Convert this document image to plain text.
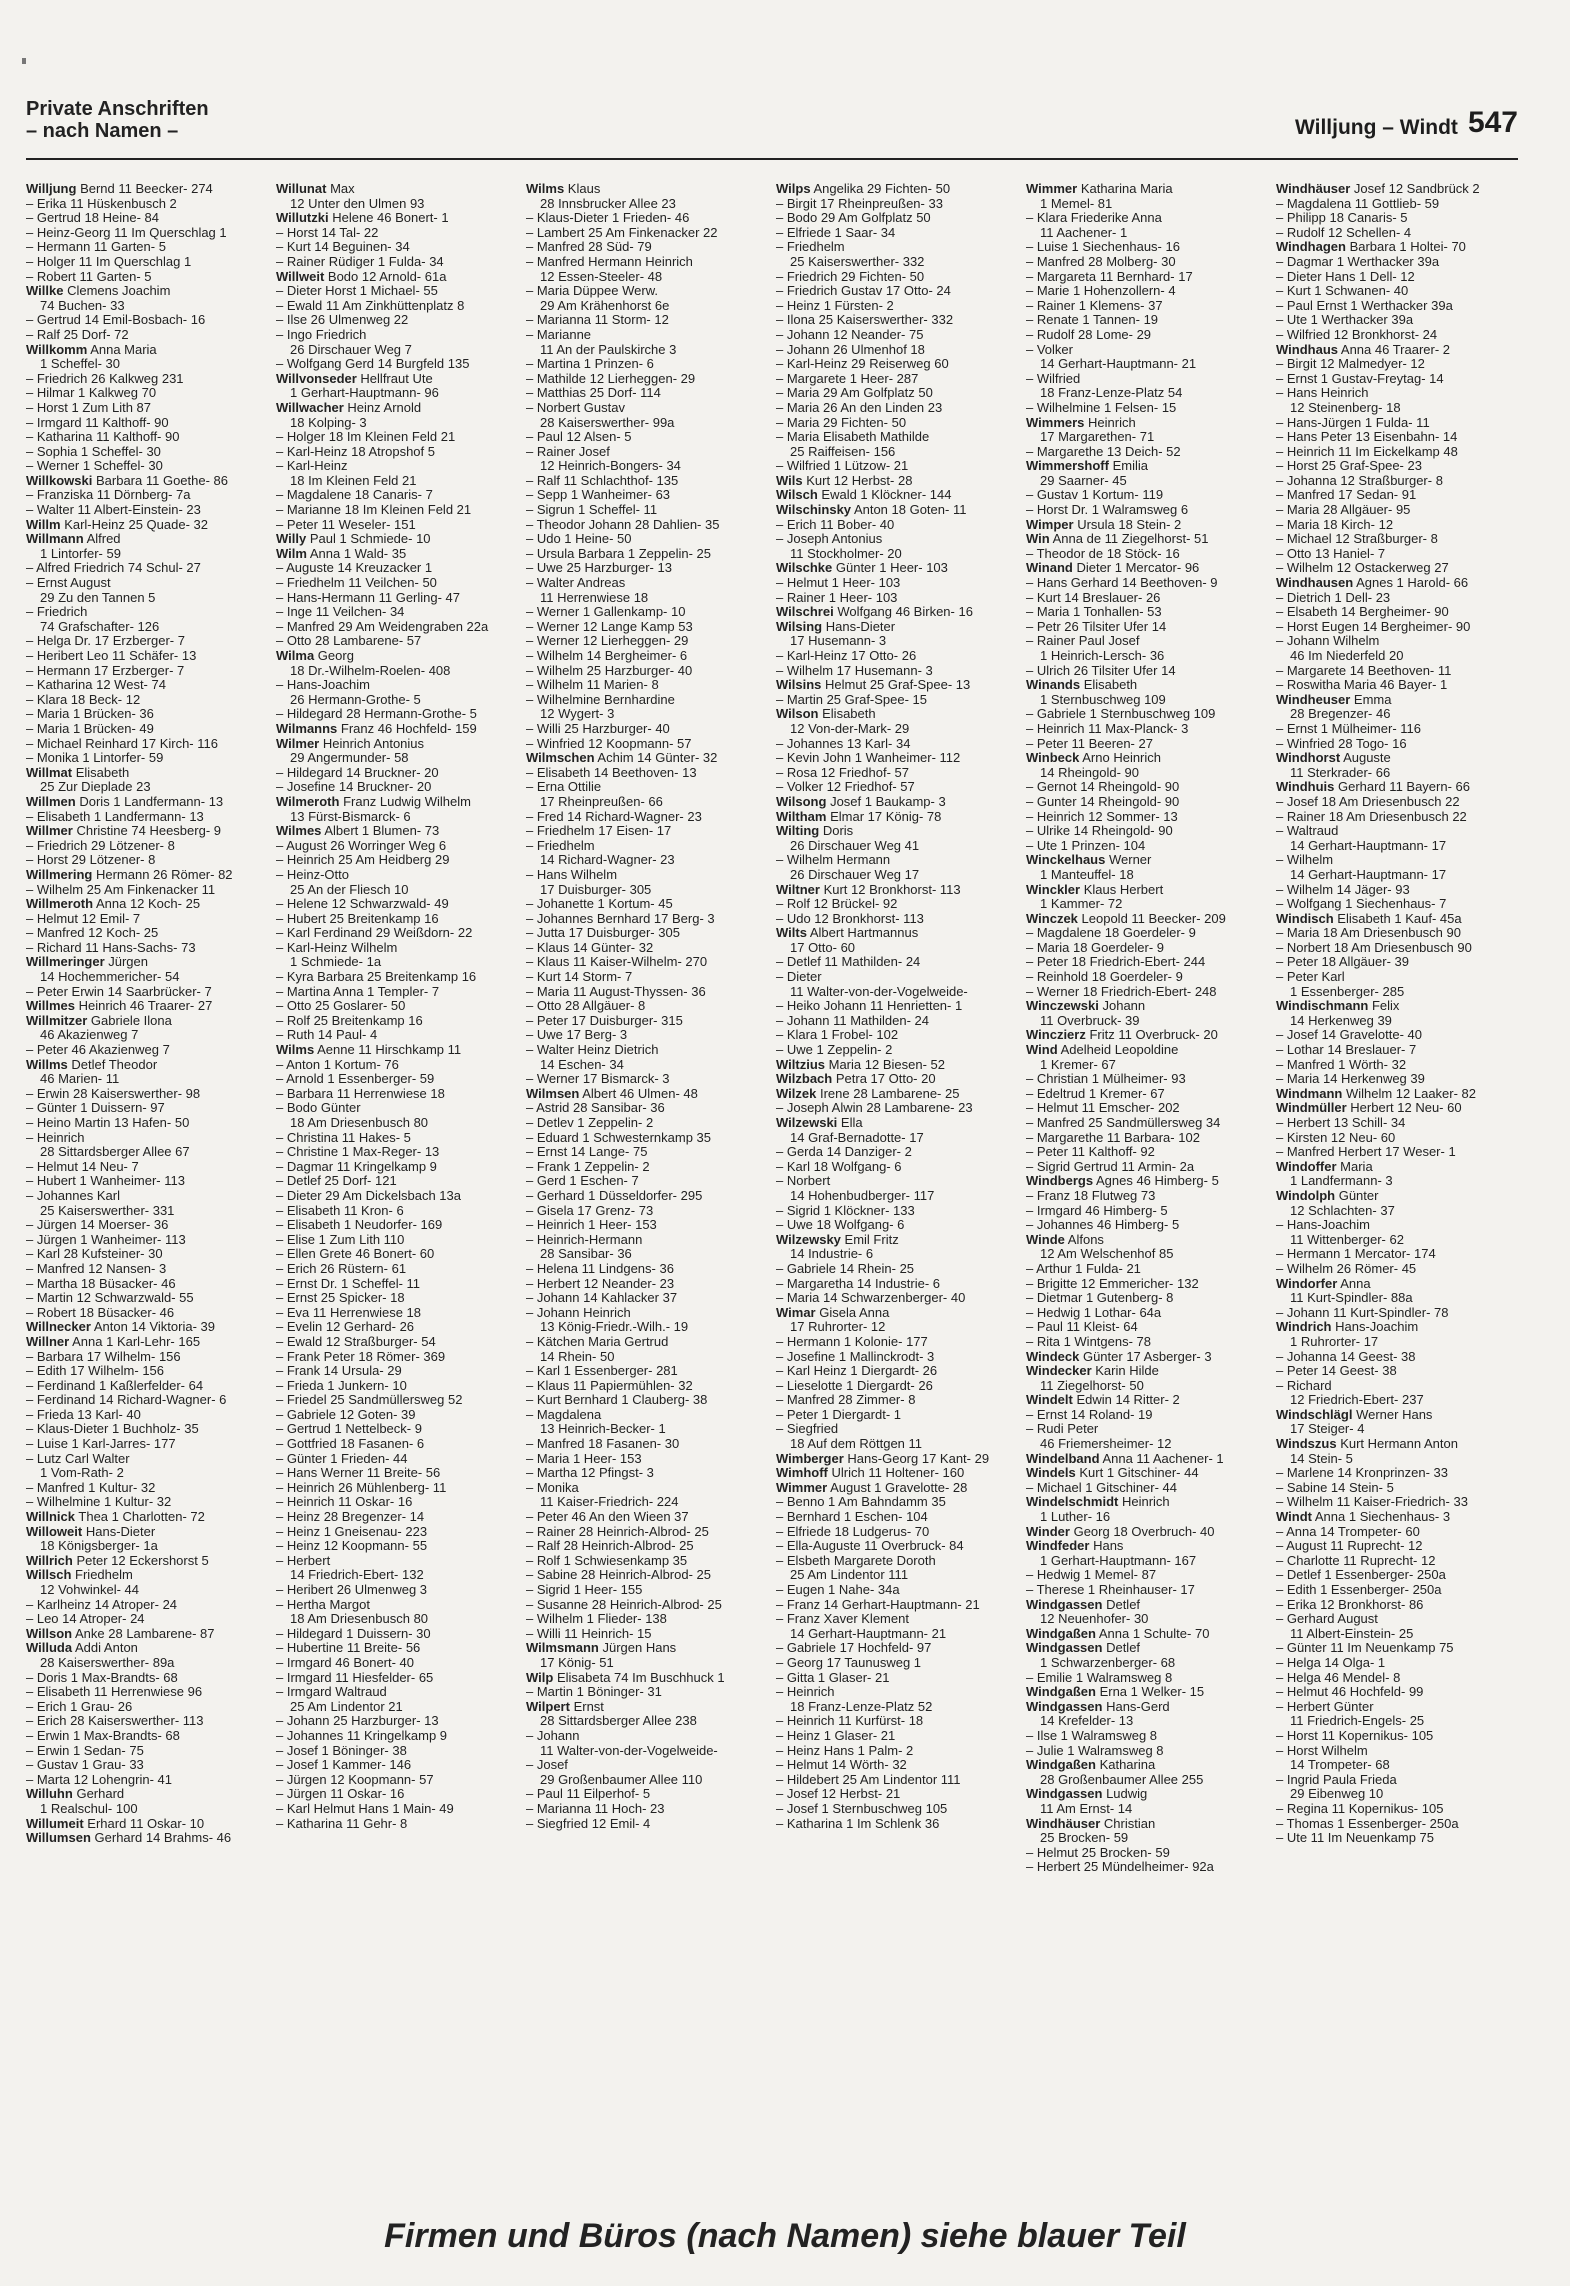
Private Anschriften
– nach Namen –	Willjung – Windt 547
Willjung Bernd 11 Beecker- 274
– Erika 11 Hüskenbusch 2
– Gertrud 18 Heine- 84
– Heinz-Georg 11 Im Querschlag 1
– Hermann 11 Garten- 5
– Holger 11 Im Querschlag 1
– Robert 11 Garten- 5
Willke Clemens Joachim
74 Buchen- 33
– Gertrud 14 Emil-Bosbach- 16
– Ralf 25 Dorf- 72
Willkomm Anna Maria
1 Scheffel- 30
– Friedrich 26 Kalkweg 231
– Hilmar 1 Kalkweg 70
– Horst 1 Zum Lith 87
– Irmgard 11 Kalthoff- 90
– Katharina 11 Kalthoff- 90
– Sophia 1 Scheffel- 30
– Werner 1 Scheffel- 30
Willkowski Barbara 11 Goethe- 86
– Franziska 11 Dörnberg- 7a
– Walter 11 Albert-Einstein- 23
Willm Karl-Heinz 25 Quade- 32
Willmann Alfred
1 Lintorfer- 59
– Alfred Friedrich 74 Schul- 27
– Ernst August
29 Zu den Tannen 5
– Friedrich
74 Grafschafter- 126
– Helga Dr. 17 Erzberger- 7
– Heribert Leo 11 Schäfer- 13
– Hermann 17 Erzberger- 7
– Katharina 12 West- 74
– Klara 18 Beck- 12
– Maria 1 Brücken- 36
– Maria 1 Brücken- 49
– Michael Reinhard 17 Kirch- 116
– Monika 1 Lintorfer- 59
Willmat Elisabeth
25 Zur Dieplade 23
Willmen Doris 1 Landfermann- 13
– Elisabeth 1 Landfermann- 13
Willmer Christine 74 Heesberg- 9
– Friedrich 29 Lötzener- 8
– Horst 29 Lötzener- 8
Willmering Hermann 26 Römer- 82
– Wilhelm 25 Am Finkenacker 11
Willmeroth Anna 12 Koch- 25
– Helmut 12 Emil- 7
– Manfred 12 Koch- 25
– Richard 11 Hans-Sachs- 73
Willmeringer Jürgen
14 Hochemmericher- 54
– Peter Erwin 14 Saarbrücker- 7
Willmes Heinrich 46 Traarer- 27
Willmitzer Gabriele Ilona
46 Akazienweg 7
– Peter 46 Akazienweg 7
Willms Detlef Theodor
46 Marien- 11
– Erwin 28 Kaiserswerther- 98
– Günter 1 Duissern- 97
– Heino Martin 13 Hafen- 50
– Heinrich
28 Sittardsberger Allee 67
– Helmut 14 Neu- 7
– Hubert 1 Wanheimer- 113
– Johannes Karl
25 Kaiserswerther- 331
– Jürgen 14 Moerser- 36
– Jürgen 1 Wanheimer- 113
– Karl 28 Kufsteiner- 30
– Manfred 12 Nansen- 3
– Martha 18 Büsacker- 46
– Martin 12 Schwarzwald- 55
– Robert 18 Büsacker- 46
Willnecker Anton 14 Viktoria- 39
Willner Anna 1 Karl-Lehr- 165
– Barbara 17 Wilhelm- 156
– Edith 17 Wilhelm- 156
– Ferdinand 1 Kaßlerfelder- 64
– Ferdinand 14 Richard-Wagner- 6
– Frieda 13 Karl- 40
– Klaus-Dieter 1 Buchholz- 35
– Luise 1 Karl-Jarres- 177
– Lutz Carl Walter
1 Vom-Rath- 2
– Manfred 1 Kultur- 32
– Wilhelmine 1 Kultur- 32
Willnick Thea 1 Charlotten- 72
Willoweit Hans-Dieter
18 Königsberger- 1a
Willrich Peter 12 Eckershorst 5
Willsch Friedhelm
12 Vohwinkel- 44
– Karlheinz 14 Atroper- 24
– Leo 14 Atroper- 24
Willson Anke 28 Lambarene- 87
Willuda Addi Anton
28 Kaiserswerther- 89a
– Doris 1 Max-Brandts- 68
– Elisabeth 11 Herrenwiese 96
– Erich 1 Grau- 26
– Erich 28 Kaiserswerther- 113
– Erwin 1 Max-Brandts- 68
– Erwin 1 Sedan- 75
– Gustav 1 Grau- 33
– Marta 12 Lohengrin- 41
Willuhn Gerhard
1 Realschul- 100
Willumeit Erhard 11 Oskar- 10
Willumsen Gerhard 14 Brahms- 46
Willunat Max
12 Unter den Ulmen 93
Willutzki Helene 46 Bonert- 1
– Horst 14 Tal- 22
– Kurt 14 Beguinen- 34
– Rainer Rüdiger 1 Fulda- 34
Willweit Bodo 12 Arnold- 61a
– Dieter Horst 1 Michael- 55
– Ewald 11 Am Zinkhüttenplatz 8
– Ilse 26 Ulmenweg 22
– Ingo Friedrich
26 Dirschauer Weg 7
– Wolfgang Gerd 14 Burgfeld 135
Willvonseder Hellfraut Ute
1 Gerhart-Hauptmann- 96
Willwacher Heinz Arnold
18 Kolping- 3
– Holger 18 Im Kleinen Feld 21
– Karl-Heinz 18 Atropshof 5
– Karl-Heinz
18 Im Kleinen Feld 21
– Magdalene 18 Canaris- 7
– Marianne 18 Im Kleinen Feld 21
– Peter 11 Weseler- 151
Willy Paul 1 Schmiede- 10
Wilm Anna 1 Wald- 35
– Auguste 14 Kreuzacker 1
– Friedhelm 11 Veilchen- 50
– Hans-Hermann 11 Gerling- 47
– Inge 11 Veilchen- 34
– Manfred 29 Am Weidengraben 22a
– Otto 28 Lambarene- 57
Wilma Georg
18 Dr.-Wilhelm-Roelen- 408
– Hans-Joachim
26 Hermann-Grothe- 5
– Hildegard 28 Hermann-Grothe- 5
Wilmanns Franz 46 Hochfeld- 159
Wilmer Heinrich Antonius
29 Angermunder- 58
– Hildegard 14 Bruckner- 20
– Josefine 14 Bruckner- 20
Wilmeroth Franz Ludwig Wilhelm
13 Fürst-Bismarck- 6
Wilmes Albert 1 Blumen- 73
– August 26 Worringer Weg 6
– Heinrich 25 Am Heidberg 29
– Heinz-Otto
25 An der Fliesch 10
– Helene 12 Schwarzwald- 49
– Hubert 25 Breitenkamp 16
– Karl Ferdinand 29 Weißdorn- 22
– Karl-Heinz Wilhelm
1 Schmiede- 1a
– Kyra Barbara 25 Breitenkamp 16
– Martina Anna 1 Templer- 7
– Otto 25 Goslarer- 50
– Rolf 25 Breitenkamp 16
– Ruth 14 Paul- 4
Wilms Aenne 11 Hirschkamp 11
– Anton 1 Kortum- 76
– Arnold 1 Essenberger- 59
– Barbara 11 Herrenwiese 18
– Bodo Günter
18 Am Driesenbusch 80
– Christina 11 Hakes- 5
– Christine 1 Max-Reger- 13
– Dagmar 11 Kringelkamp 9
– Detlef 25 Dorf- 121
– Dieter 29 Am Dickelsbach 13a
– Elisabeth 11 Kron- 6
– Elisabeth 1 Neudorfer- 169
– Elise 1 Zum Lith 110
– Ellen Grete 46 Bonert- 60
– Erich 26 Rüstern- 61
– Ernst Dr. 1 Scheffel- 11
– Ernst 25 Spicker- 18
– Eva 11 Herrenwiese 18
– Evelin 12 Gerhard- 26
– Ewald 12 Straßburger- 54
– Frank Peter 18 Römer- 369
– Frank 14 Ursula- 29
– Frieda 1 Junkern- 10
– Friedel 25 Sandmüllersweg 52
– Gabriele 12 Goten- 39
– Gertrud 1 Nettelbeck- 9
– Gottfried 18 Fasanen- 6
– Günter 1 Frieden- 44
– Hans Werner 11 Breite- 56
– Heinrich 26 Mühlenberg- 11
– Heinrich 11 Oskar- 16
– Heinz 28 Bregenzer- 14
– Heinz 1 Gneisenau- 223
– Heinz 12 Koopmann- 55
– Herbert
14 Friedrich-Ebert- 132
– Heribert 26 Ulmenweg 3
– Hertha Margot
18 Am Driesenbusch 80
– Hildegard 1 Duissern- 30
– Hubertine 11 Breite- 56
– Irmgard 46 Bonert- 40
– Irmgard 11 Hiesfelder- 65
– Irmgard Waltraud
25 Am Lindentor 21
– Johann 25 Harzburger- 13
– Johannes 11 Kringelkamp 9
– Josef 1 Böninger- 38
– Josef 1 Kammer- 146
– Jürgen 12 Koopmann- 57
– Jürgen 11 Oskar- 16
– Karl Helmut Hans 1 Main- 49
– Katharina 11 Gehr- 8
Wilms Klaus
28 Innsbrucker Allee 23
– Klaus-Dieter 1 Frieden- 46
– Lambert 25 Am Finkenacker 22
– Manfred 28 Süd- 79
– Manfred Hermann Heinrich
12 Essen-Steeler- 48
– Maria Düppee Werw.
29 Am Krähenhorst 6e
– Marianna 11 Storm- 12
– Marianne
11 An der Paulskirche 3
– Martina 1 Prinzen- 6
– Mathilde 12 Lierheggen- 29
– Matthias 25 Dorf- 114
– Norbert Gustav
28 Kaiserswerther- 99a
– Paul 12 Alsen- 5
– Rainer Josef
12 Heinrich-Bongers- 34
– Ralf 11 Schlachthof- 135
– Sepp 1 Wanheimer- 63
– Sigrun 1 Scheffel- 11
– Theodor Johann 28 Dahlien- 35
– Udo 1 Heine- 50
– Ursula Barbara 1 Zeppelin- 25
– Uwe 25 Harzburger- 13
– Walter Andreas
11 Herrenwiese 18
– Werner 1 Gallenkamp- 10
– Werner 12 Lange Kamp 53
– Werner 12 Lierheggen- 29
– Wilhelm 14 Bergheimer- 6
– Wilhelm 25 Harzburger- 40
– Wilhelm 11 Marien- 8
– Wilhelmine Bernhardine
12 Wygert- 3
– Willi 25 Harzburger- 40
– Winfried 12 Koopmann- 57
Wilmschen Achim 14 Günter- 32
– Elisabeth 14 Beethoven- 13
– Erna Ottilie
17 Rheinpreußen- 66
– Fred 14 Richard-Wagner- 23
– Friedhelm 17 Eisen- 17
– Friedhelm
14 Richard-Wagner- 23
– Hans Wilhelm
17 Duisburger- 305
– Johanette 1 Kortum- 45
– Johannes Bernhard 17 Berg- 3
– Jutta 17 Duisburger- 305
– Klaus 14 Günter- 32
– Klaus 11 Kaiser-Wilhelm- 270
– Kurt 14 Storm- 7
– Maria 11 August-Thyssen- 36
– Otto 28 Allgäuer- 8
– Peter 17 Duisburger- 315
– Uwe 17 Berg- 3
– Walter Heinz Dietrich
14 Eschen- 34
– Werner 17 Bismarck- 3
Wilmsen Albert 46 Ulmen- 48
– Astrid 28 Sansibar- 36
– Detlev 1 Zeppelin- 2
– Eduard 1 Schwesternkamp 35
– Ernst 14 Lange- 75
– Frank 1 Zeppelin- 2
– Gerd 1 Eschen- 7
– Gerhard 1 Düsseldorfer- 295
– Gisela 17 Grenz- 73
– Heinrich 1 Heer- 153
– Heinrich-Hermann
28 Sansibar- 36
– Helena 11 Lindgens- 36
– Herbert 12 Neander- 23
– Johann 14 Kahlacker 37
– Johann Heinrich
13 König-Friedr.-Wilh.- 19
– Kätchen Maria Gertrud
14 Rhein- 50
– Karl 1 Essenberger- 281
– Klaus 11 Papiermühlen- 32
– Kurt Bernhard 1 Clauberg- 38
– Magdalena
13 Heinrich-Becker- 1
– Manfred 18 Fasanen- 30
– Maria 1 Heer- 153
– Martha 12 Pfingst- 3
– Monika
11 Kaiser-Friedrich- 224
– Peter 46 An den Wieen 37
– Rainer 28 Heinrich-Albrod- 25
– Ralf 28 Heinrich-Albrod- 25
– Rolf 1 Schwiesenkamp 35
– Sabine 28 Heinrich-Albrod- 25
– Sigrid 1 Heer- 155
– Susanne 28 Heinrich-Albrod- 25
– Wilhelm 1 Flieder- 138
– Willi 11 Heinrich- 15
Wilmsmann Jürgen Hans
17 König- 51
Wilp Elisabeta 74 Im Buschhuck 1
– Martin 1 Böninger- 31
Wilpert Ernst
28 Sittardsberger Allee 238
– Johann
11 Walter-von-der-Vogelweide-
– Josef
29 Großenbaumer Allee 110
– Paul 11 Eilperhof- 5
– Marianna 11 Hoch- 23
– Siegfried 12 Emil- 4
Wilps Angelika 29 Fichten- 50
– Birgit 17 Rheinpreußen- 33
– Bodo 29 Am Golfplatz 50
– Elfriede 1 Saar- 34
– Friedhelm
25 Kaiserswerther- 332
– Friedrich 29 Fichten- 50
– Friedrich Gustav 17 Otto- 24
– Heinz 1 Fürsten- 2
– Ilona 25 Kaiserswerther- 332
– Johann 12 Neander- 75
– Johann 26 Ulmenhof 18
– Karl-Heinz 29 Reiserweg 60
– Margarete 1 Heer- 287
– Maria 29 Am Golfplatz 50
– Maria 26 An den Linden 23
– Maria 29 Fichten- 50
– Maria Elisabeth Mathilde
25 Raiffeisen- 156
– Wilfried 1 Lützow- 21
Wils Kurt 12 Herbst- 28
Wilsch Ewald 1 Klöckner- 144
Wilschinsky Anton 18 Goten- 11
– Erich 11 Bober- 40
– Joseph Antonius
11 Stockholmer- 20
Wilschke Günter 1 Heer- 103
– Helmut 1 Heer- 103
– Rainer 1 Heer- 103
Wilschrei Wolfgang 46 Birken- 16
Wilsing Hans-Dieter
17 Husemann- 3
– Karl-Heinz 17 Otto- 26
– Wilhelm 17 Husemann- 3
Wilsins Helmut 25 Graf-Spee- 13
– Martin 25 Graf-Spee- 15
Wilson Elisabeth
12 Von-der-Mark- 29
– Johannes 13 Karl- 34
– Kevin John 1 Wanheimer- 112
– Rosa 12 Friedhof- 57
– Volker 12 Friedhof- 57
Wilsong Josef 1 Baukamp- 3
Wiltham Elmar 17 König- 78
Wilting Doris
26 Dirschauer Weg 41
– Wilhelm Hermann
26 Dirschauer Weg 17
Wiltner Kurt 12 Bronkhorst- 113
– Rolf 12 Brückel- 92
– Udo 12 Bronkhorst- 113
Wilts Albert Hartmannus
17 Otto- 60
– Detlef 11 Mathilden- 24
– Dieter
11 Walter-von-der-Vogelweide-
– Heiko Johann 11 Henrietten- 1
– Johann 11 Mathilden- 24
– Klara 1 Frobel- 102
– Uwe 1 Zeppelin- 2
Wiltzius Maria 12 Biesen- 52
Wilzbach Petra 17 Otto- 20
Wilzek Irene 28 Lambarene- 25
– Joseph Alwin 28 Lambarene- 23
Wilzewski Ella
14 Graf-Bernadotte- 17
– Gerda 14 Danziger- 2
– Karl 18 Wolfgang- 6
– Norbert
14 Hohenbudberger- 117
– Sigrid 1 Klöckner- 133
– Uwe 18 Wolfgang- 6
Wilzewsky Emil Fritz
14 Industrie- 6
– Gabriele 14 Rhein- 25
– Margaretha 14 Industrie- 6
– Maria 14 Schwarzenberger- 40
Wimar Gisela Anna
17 Ruhrorter- 12
– Hermann 1 Kolonie- 177
– Josefine 1 Mallinckrodt- 3
– Karl Heinz 1 Diergardt- 26
– Lieselotte 1 Diergardt- 26
– Manfred 28 Zimmer- 8
– Peter 1 Diergardt- 1
– Siegfried
18 Auf dem Röttgen 11
Wimberger Hans-Georg 17 Kant- 29
Wimhoff Ulrich 11 Holtener- 160
Wimmer August 1 Gravelotte- 28
– Benno 1 Am Bahndamm 35
– Bernhard 1 Eschen- 104
– Elfriede 18 Ludgerus- 70
– Ella-Auguste 11 Overbruck- 84
– Elsbeth Margarete Doroth
25 Am Lindentor 111
– Eugen 1 Nahe- 34a
– Franz 14 Gerhart-Hauptmann- 21
– Franz Xaver Klement
14 Gerhart-Hauptmann- 21
– Gabriele 17 Hochfeld- 97
– Georg 17 Taunusweg 1
– Gitta 1 Glaser- 21
– Heinrich
18 Franz-Lenze-Platz 52
– Heinrich 11 Kurfürst- 18
– Heinz 1 Glaser- 21
– Heinz Hans 1 Palm- 2
– Helmut 14 Wörth- 32
– Hildebert 25 Am Lindentor 111
– Josef 12 Herbst- 21
– Josef 1 Sternbuschweg 105
– Katharina 1 Im Schlenk 36
Wimmer Katharina Maria
1 Memel- 81
– Klara Friederike Anna
11 Aachener- 1
– Luise 1 Siechenhaus- 16
– Manfred 28 Molberg- 30
– Margareta 11 Bernhard- 17
– Marie 1 Hohenzollern- 4
– Rainer 1 Klemens- 37
– Renate 1 Tannen- 19
– Rudolf 28 Lome- 29
– Volker
14 Gerhart-Hauptmann- 21
– Wilfried
18 Franz-Lenze-Platz 54
– Wilhelmine 1 Felsen- 15
Wimmers Heinrich
17 Margarethen- 71
– Margarethe 13 Deich- 52
Wimmershoff Emilia
29 Saarner- 45
– Gustav 1 Kortum- 119
– Horst Dr. 1 Walramsweg 6
Wimper Ursula 18 Stein- 2
Win Anna de 11 Ziegelhorst- 51
– Theodor de 18 Stöck- 16
Winand Dieter 1 Mercator- 96
– Hans Gerhard 14 Beethoven- 9
– Kurt 14 Breslauer- 26
– Maria 1 Tonhallen- 53
– Petr 26 Tilsiter Ufer 14
– Rainer Paul Josef
1 Heinrich-Lersch- 36
– Ulrich 26 Tilsiter Ufer 14
Winands Elisabeth
1 Sternbuschweg 109
– Gabriele 1 Sternbuschweg 109
– Heinrich 11 Max-Planck- 3
– Peter 11 Beeren- 27
Winbeck Arno Heinrich
14 Rheingold- 90
– Gernot 14 Rheingold- 90
– Gunter 14 Rheingold- 90
– Heinrich 12 Sommer- 13
– Ulrike 14 Rheingold- 90
– Ute 1 Prinzen- 104
Winckelhaus Werner
1 Manteuffel- 18
Winckler Klaus Herbert
1 Kammer- 72
Winczek Leopold 11 Beecker- 209
– Magdalene 18 Goerdeler- 9
– Maria 18 Goerdeler- 9
– Peter 18 Friedrich-Ebert- 244
– Reinhold 18 Goerdeler- 9
– Werner 18 Friedrich-Ebert- 248
Winczewski Johann
11 Overbruck- 39
Winczierz Fritz 11 Overbruck- 20
Wind Adelheid Leopoldine
1 Kremer- 67
– Christian 1 Mülheimer- 93
– Edeltrud 1 Kremer- 67
– Helmut 11 Emscher- 202
– Manfred 25 Sandmüllersweg 34
– Margarethe 11 Barbara- 102
– Peter 11 Kalthoff- 92
– Sigrid Gertrud 11 Armin- 2a
Windbergs Agnes 46 Himberg- 5
– Franz 18 Flutweg 73
– Irmgard 46 Himberg- 5
– Johannes 46 Himberg- 5
Winde Alfons
12 Am Welschenhof 85
– Arthur 1 Fulda- 21
– Brigitte 12 Emmericher- 132
– Dietmar 1 Gutenberg- 8
– Hedwig 1 Lothar- 64a
– Paul 11 Kleist- 64
– Rita 1 Wintgens- 78
Windeck Günter 17 Asberger- 3
Windecker Karin Hilde
11 Ziegelhorst- 50
Windelt Edwin 14 Ritter- 2
– Ernst 14 Roland- 19
– Rudi Peter
46 Friemersheimer- 12
Windelband Anna 11 Aachener- 1
Windels Kurt 1 Gitschiner- 44
– Michael 1 Gitschiner- 44
Windelschmidt Heinrich
1 Luther- 16
Winder Georg 18 Overbruch- 40
Windfeder Hans
1 Gerhart-Hauptmann- 167
– Hedwig 1 Memel- 87
– Therese 1 Rheinhauser- 17
Windgassen Detlef
12 Neuenhofer- 30
Windgaßen Anna 1 Schulte- 70
Windgassen Detlef
1 Schwarzenberger- 68
– Emilie 1 Walramsweg 8
Windgaßen Erna 1 Welker- 15
Windgassen Hans-Gerd
14 Krefelder- 13
– Ilse 1 Walramsweg 8
– Julie 1 Walramsweg 8
Windgaßen Katharina
28 Großenbaumer Allee 255
Windgassen Ludwig
11 Am Ernst- 14
Windhäuser Christian
25 Brocken- 59
– Helmut 25 Brocken- 59
– Herbert 25 Mündelheimer- 92a
Windhäuser Josef 12 Sandbrück 2
– Magdalena 11 Gottlieb- 59
– Philipp 18 Canaris- 5
– Rudolf 12 Schellen- 4
Windhagen Barbara 1 Holtei- 70
– Dagmar 1 Werthacker 39a
– Dieter Hans 1 Dell- 12
– Kurt 1 Schwanen- 40
– Paul Ernst 1 Werthacker 39a
– Ute 1 Werthacker 39a
– Wilfried 12 Bronkhorst- 24
Windhaus Anna 46 Traarer- 2
– Birgit 12 Malmedyer- 12
– Ernst 1 Gustav-Freytag- 14
– Hans Heinrich
12 Steinenberg- 18
– Hans-Jürgen 1 Fulda- 11
– Hans Peter 13 Eisenbahn- 14
– Heinrich 11 Im Eickelkamp 48
– Horst 25 Graf-Spee- 23
– Johanna 12 Straßburger- 8
– Manfred 17 Sedan- 91
– Maria 28 Allgäuer- 95
– Maria 18 Kirch- 12
– Michael 12 Straßburger- 8
– Otto 13 Haniel- 7
– Wilhelm 12 Ostackerweg 27
Windhausen Agnes 1 Harold- 66
– Dietrich 1 Dell- 23
– Elsabeth 14 Bergheimer- 90
– Horst Eugen 14 Bergheimer- 90
– Johann Wilhelm
46 Im Niederfeld 20
– Margarete 14 Beethoven- 11
– Roswitha Maria 46 Bayer- 1
Windheuser Emma
28 Bregenzer- 46
– Ernst 1 Mülheimer- 116
– Winfried 28 Togo- 16
Windhorst Auguste
11 Sterkrader- 66
Windhuis Gerhard 11 Bayern- 66
– Josef 18 Am Driesenbusch 22
– Rainer 18 Am Driesenbusch 22
– Waltraud
14 Gerhart-Hauptmann- 17
– Wilhelm
14 Gerhart-Hauptmann- 17
– Wilhelm 14 Jäger- 93
– Wolfgang 1 Siechenhaus- 7
Windisch Elisabeth 1 Kauf- 45a
– Maria 18 Am Driesenbusch 90
– Norbert 18 Am Driesenbusch 90
– Peter 18 Allgäuer- 39
– Peter Karl
1 Essenberger- 285
Windischmann Felix
14 Herkenweg 39
– Josef 14 Gravelotte- 40
– Lothar 14 Breslauer- 7
– Manfred 1 Wörth- 32
– Maria 14 Herkenweg 39
Windmann Wilhelm 12 Laaker- 82
Windmüller Herbert 12 Neu- 60
– Herbert 13 Schill- 34
– Kirsten 12 Neu- 60
– Manfred Herbert 17 Weser- 1
Windoffer Maria
1 Landfermann- 3
Windolph Günter
12 Schlachten- 37
– Hans-Joachim
11 Wittenberger- 62
– Hermann 1 Mercator- 174
– Wilhelm 26 Römer- 45
Windorfer Anna
11 Kurt-Spindler- 88a
– Johann 11 Kurt-Spindler- 78
Windrich Hans-Joachim
1 Ruhrorter- 17
– Johanna 14 Geest- 38
– Peter 14 Geest- 38
– Richard
12 Friedrich-Ebert- 237
Windschlägl Werner Hans
17 Steiger- 4
Windszus Kurt Hermann Anton
14 Stein- 5
– Marlene 14 Kronprinzen- 33
– Sabine 14 Stein- 5
– Wilhelm 11 Kaiser-Friedrich- 33
Windt Anna 1 Siechenhaus- 3
– Anna 14 Trompeter- 60
– August 11 Ruprecht- 12
– Charlotte 11 Ruprecht- 12
– Detlef 1 Essenberger- 250a
– Edith 1 Essenberger- 250a
– Erika 12 Bronkhorst- 86
– Gerhard August
11 Albert-Einstein- 25
– Günter 11 Im Neuenkamp 75
– Helga 14 Olga- 1
– Helga 46 Mendel- 8
– Helmut 46 Hochfeld- 99
– Herbert Günter
11 Friedrich-Engels- 25
– Horst 11 Kopernikus- 105
– Horst Wilhelm
14 Trompeter- 68
– Ingrid Paula Frieda
29 Eibenweg 10
– Regina 11 Kopernikus- 105
– Thomas 1 Essenberger- 250a
– Ute 11 Im Neuenkamp 75
Firmen und Büros (nach Namen) siehe blauer Teil
